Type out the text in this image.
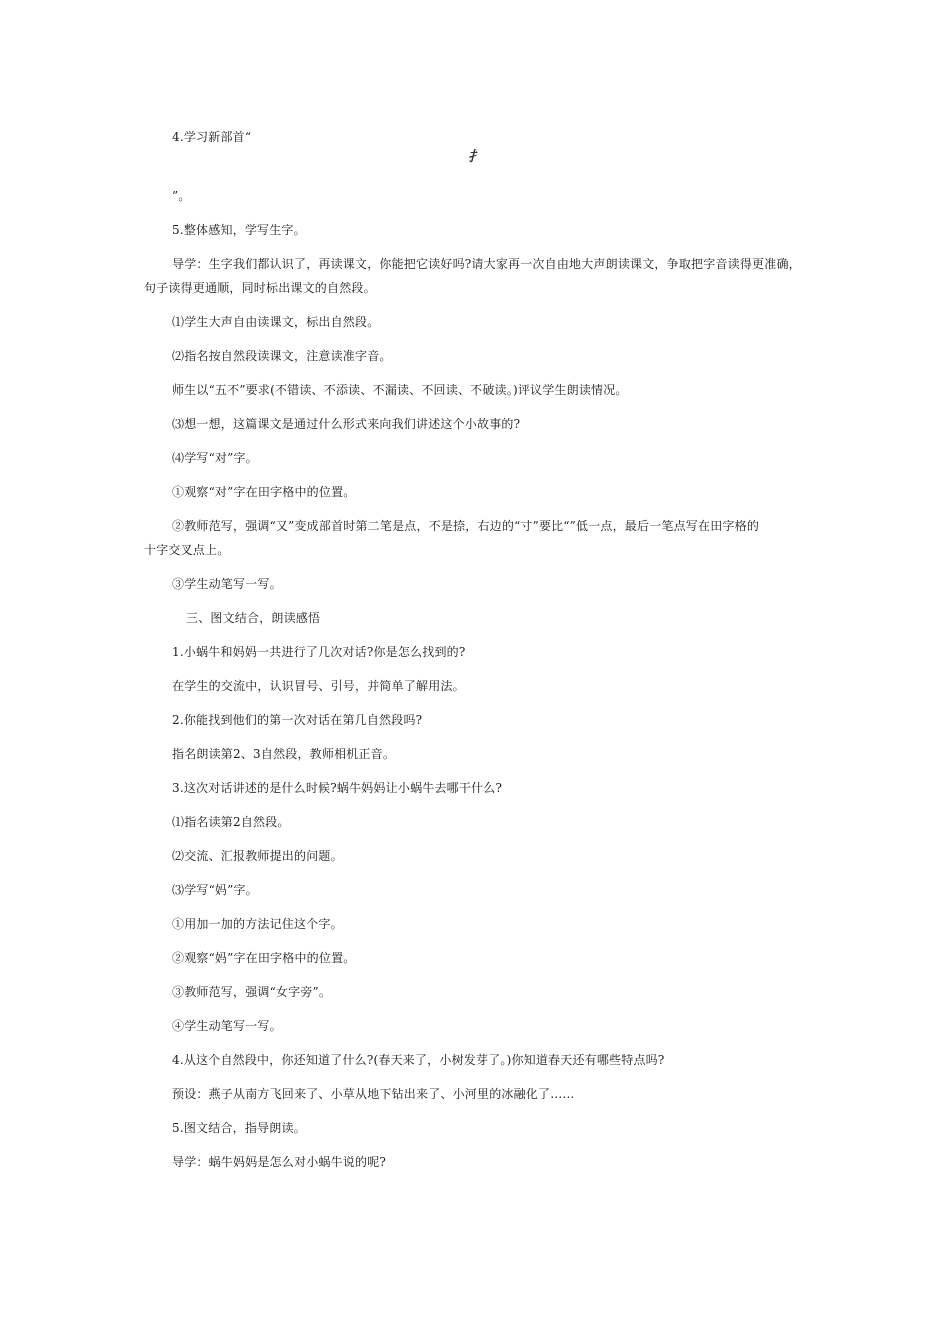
4.学习新部首“
扌
”。
5.整体感知，学写生字。
导学：生字我们都认识了，再读课文，你能把它读好吗?请大家再一次自由地大声朗读课文，争取把字音读得更准确，
句子读得更通顺，同时标出课文的自然段。
⑴学生大声自由读课文，标出自然段。
⑵指名按自然段读课文，注意读准字音。
师生以“五不”要求(不错读、不添读、不漏读、不回读、不破读。)评议学生朗读情况。
⑶想一想，这篇课文是通过什么形式来向我们讲述这个小故事的?
⑷学写“对”字。
①观察“对”字在田字格中的位置。
②教师范写，强调“又”变成部首时第二笔是点，不是捺，右边的“寸”要比“”低一点，最后一笔点写在田字格的
十字交叉点上。
③学生动笔写一写。
三、图文结合，朗读感悟
1.小蜗牛和妈妈一共进行了几次对话?你是怎么找到的?
在学生的交流中，认识冒号、引号，并简单了解用法。
2.你能找到他们的第一次对话在第几自然段吗?
指名朗读第2、3自然段，教师相机正音。
3.这次对话讲述的是什么时候?蜗牛妈妈让小蜗牛去哪干什么?
⑴指名读第2自然段。
⑵交流、汇报教师提出的问题。
⑶学写“妈”字。
①用加一加的方法记住这个字。
②观察“妈”字在田字格中的位置。
③教师范写，强调“女字旁”。
④学生动笔写一写。
4.从这个自然段中，你还知道了什么?(春天来了，小树发芽了。)你知道春天还有哪些特点吗?
预设：燕子从南方飞回来了、小草从地下钻出来了、小河里的冰融化了……
5.图文结合，指导朗读。
导学：蜗牛妈妈是怎么对小蜗牛说的呢?
